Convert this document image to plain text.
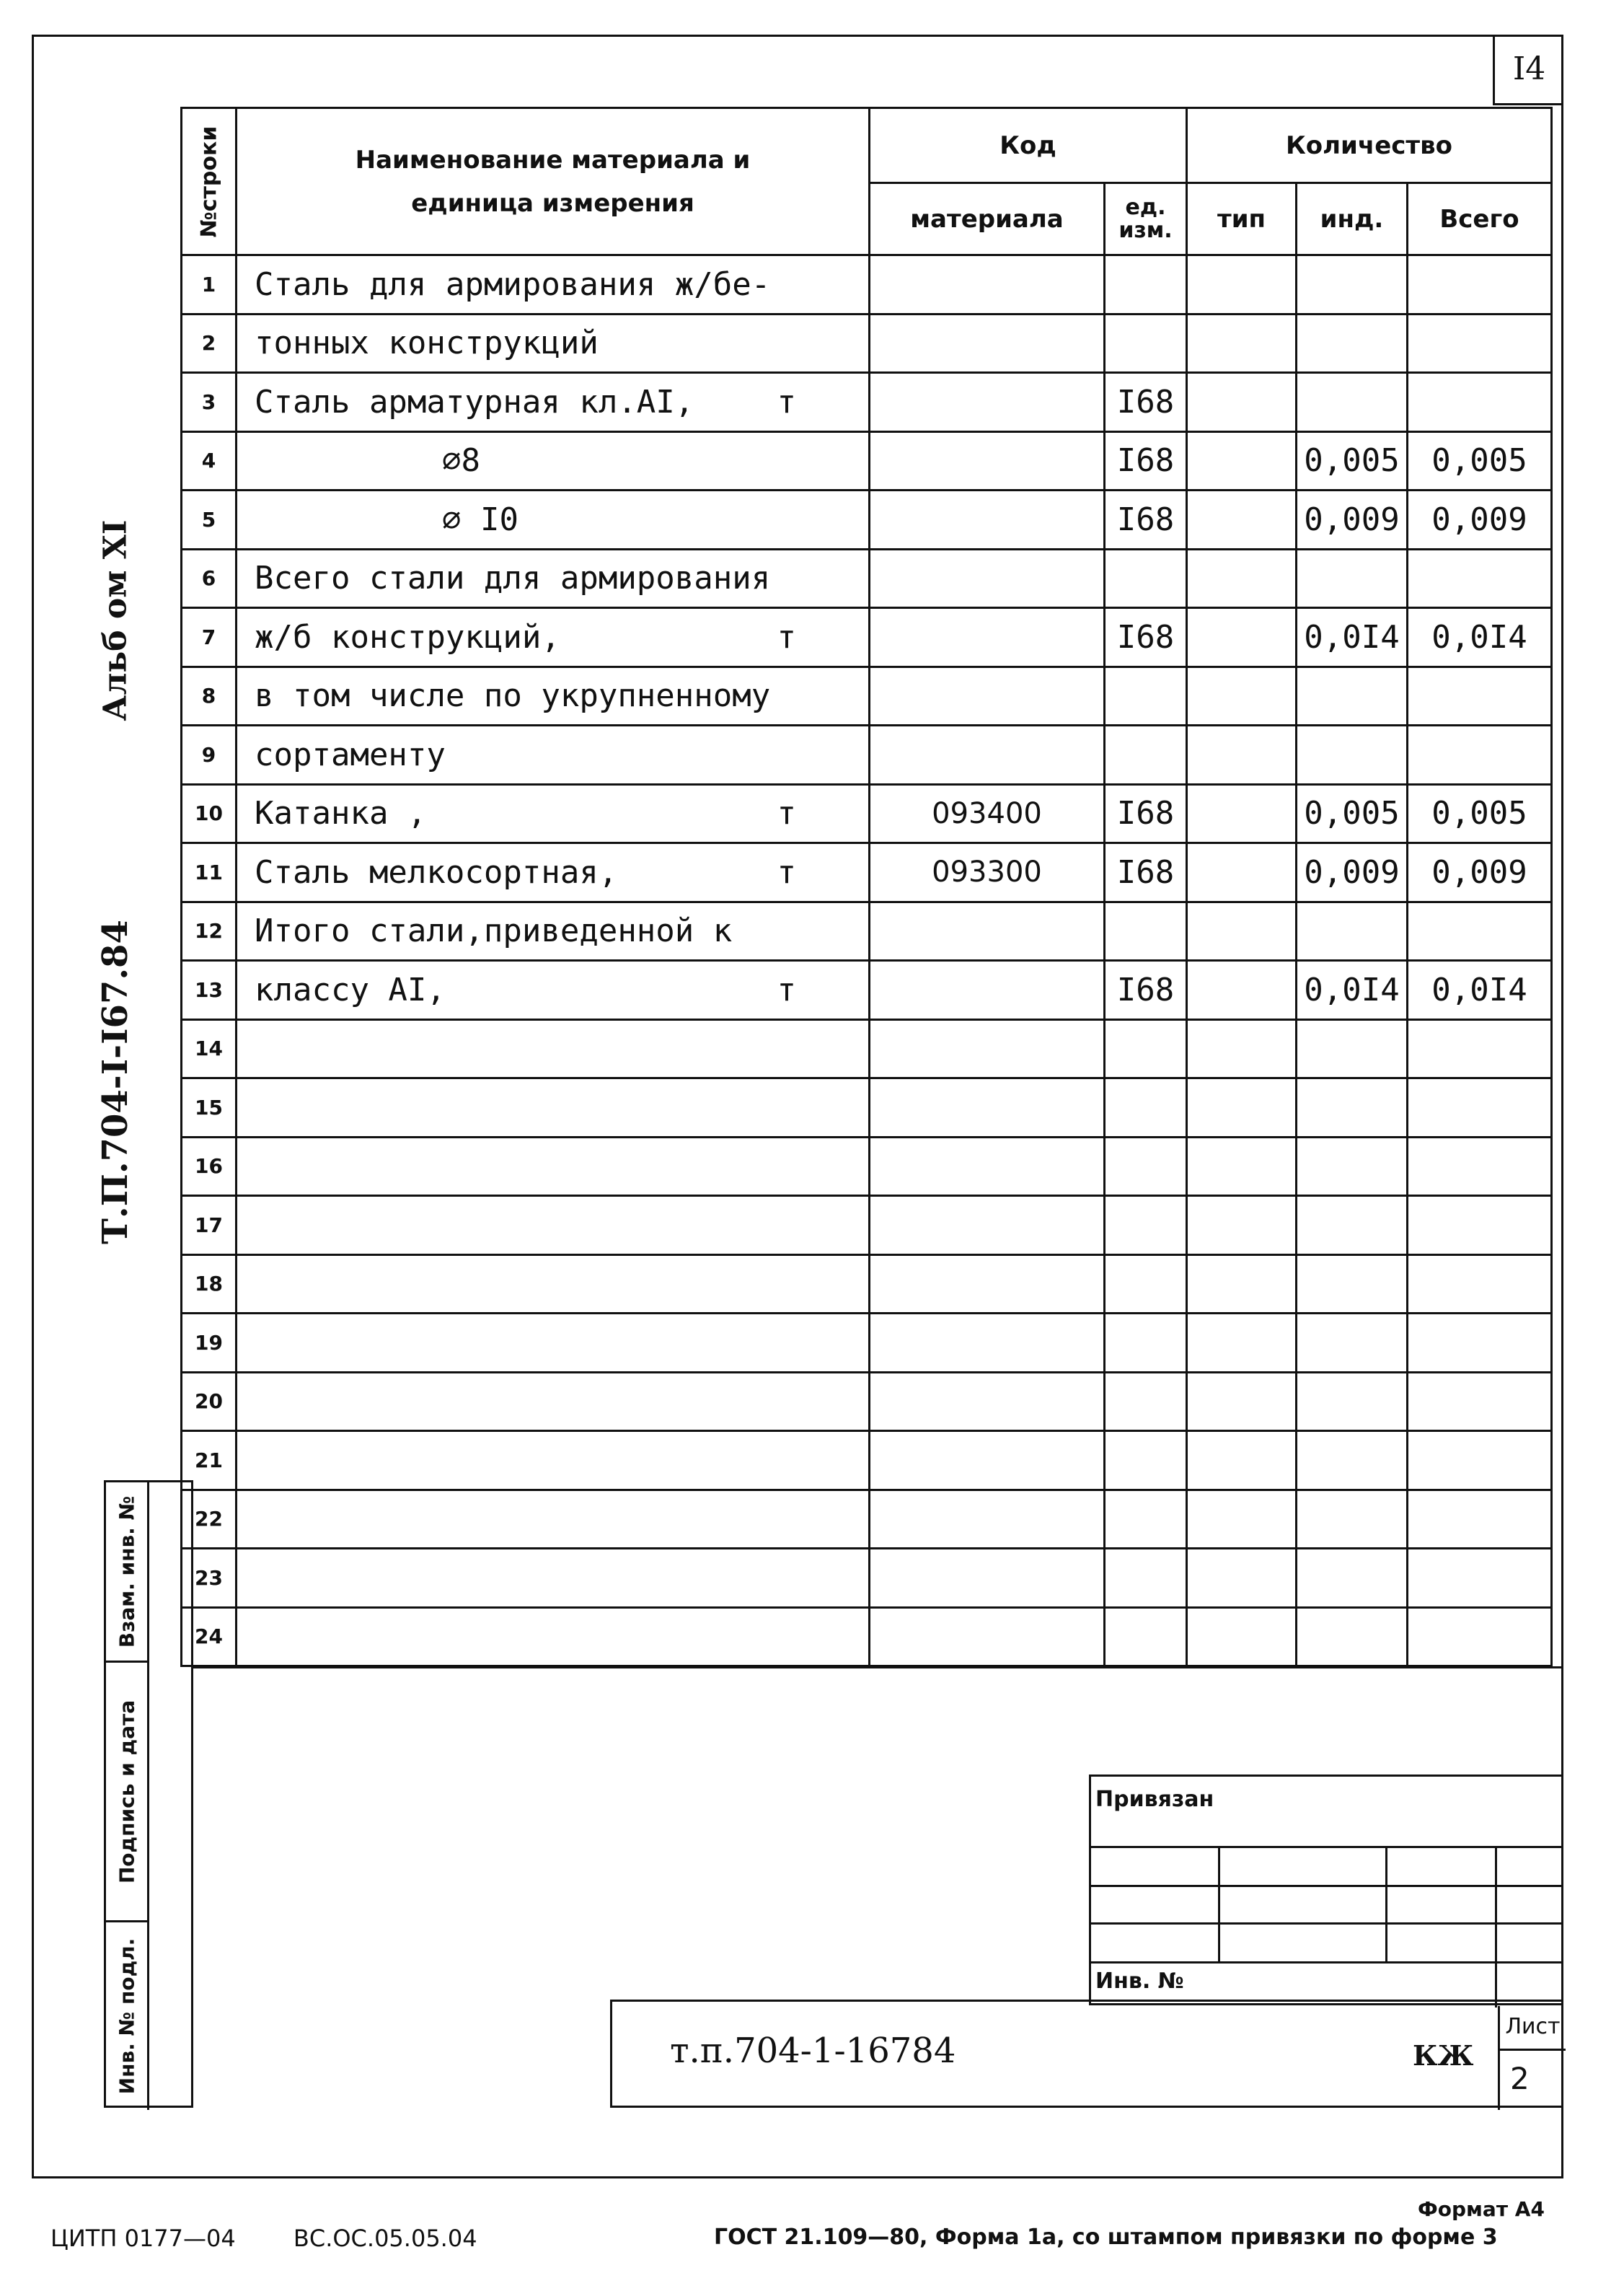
I4
№строки	Наименование материала и единица измерения	Код		Количество		
		материала	ед. изм.	тип	инд.	Всего
1	Сталь для армирования ж/бе-					

2	тонных конструкций					

3	Сталь арматурная кл.AI, т		I68			
4	⌀8		I68		0,005	0,005
5	⌀ I0		I68		0,009	0,009
6	Всего стали для армирования					

7	ж/б конструкций, т		I68		0,0I4	0,0I4
8	в том числе по укрупненному					

9	сортаменту					

10	Катанка , т	093400	I68		0,005	0,005
11	Сталь мелкосортная, т	093300	I68		0,009	0,009
12	Итого стали,приведенной к					

13	классу AI, т		I68		0,0I4	0,0I4
14	

15	

16	

17	

18	

19	

20	

21	

22	

23	

24	

Альб ом XI
Т.П.704-I-I67.84
Взам. инв. №
Подпись и дата
Инв. № подл.
Привязан
Инв. №
т.п.704-1-16784	КЖ
Лист
2
Формат А4
ЦИТП 0177—04	ВС.ОС.05.05.04	ГОСТ 21.109—80, Форма 1а, со штампом привязки по форме 3
